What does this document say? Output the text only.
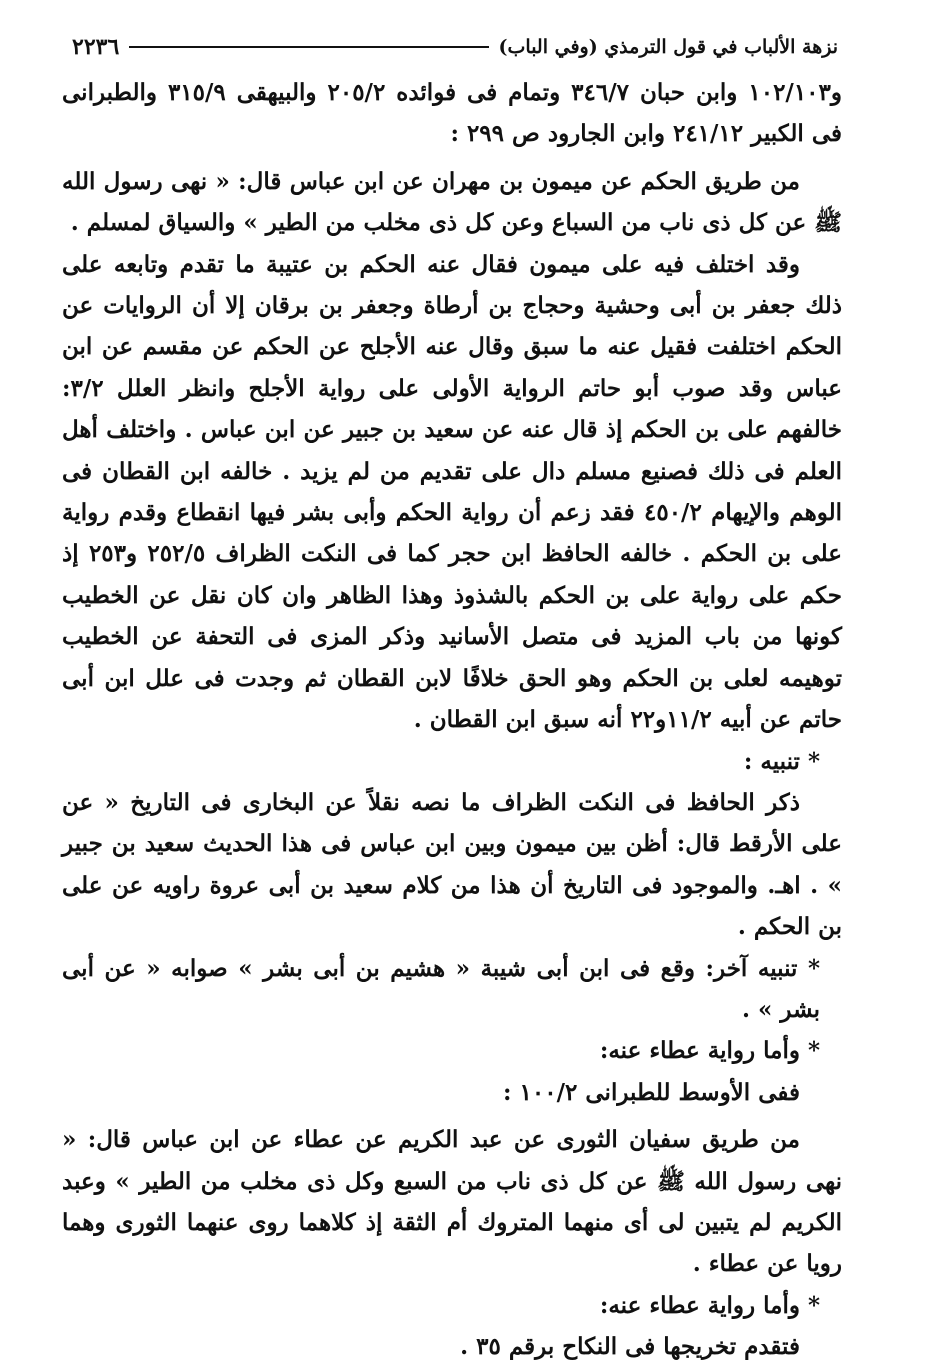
نزهة الألباب في قول الترمذي (وفي الباب)
٢٢٣٦

و١٠٢/١٠٣ وابن حبان ٣٤٦/٧ وتمام فى فوائده ٢٠٥/٢ والبيهقى ٣١٥/٩ والطبرانى فى الكبير ٢٤١/١٢ وابن الجارود ص ٢٩٩ :

من طريق الحكم عن ميمون بن مهران عن ابن عباس قال: « نهى رسول الله ﷺ عن كل ذى ناب من السباع وعن كل ذى مخلب من الطير » والسياق لمسلم .

وقد اختلف فيه على ميمون فقال عنه الحكم بن عتيبة ما تقدم وتابعه على ذلك جعفر بن أبى وحشية وحجاج بن أرطاة وجعفر بن برقان إلا أن الروايات عن الحكم اختلفت فقيل عنه ما سبق وقال عنه الأجلح عن الحكم عن مقسم عن ابن عباس وقد صوب أبو حاتم الرواية الأولى على رواية الأجلح وانظر العلل ٣/٢: خالفهم على بن الحكم إذ قال عنه عن سعيد بن جبير عن ابن عباس . واختلف أهل العلم فى ذلك فصنيع مسلم دال على تقديم من لم يزيد . خالفه ابن القطان فى الوهم والإيهام ٤٥٠/٢ فقد زعم أن رواية الحكم وأبى بشر فيها انقطاع وقدم رواية على بن الحكم . خالفه الحافظ ابن حجر كما فى النكت الظراف ٢٥٢/٥ و٢٥٣ إذ حكم على رواية على بن الحكم بالشذوذ وهذا الظاهر وان كان نقل عن الخطيب كونها من باب المزيد فى متصل الأسانيد وذكر المزى فى التحفة عن الخطيب توهيمه لعلى بن الحكم وهو الحق خلافًا لابن القطان ثم وجدت فى علل ابن أبى حاتم عن أبيه ١١/٢و٢٢ أنه سبق ابن القطان .

* تنبيه :

ذكر الحافظ فى النكت الظراف ما نصه نقلاً عن البخارى فى التاريخ « عن على الأرقط قال: أظن بين ميمون وبين ابن عباس فى هذا الحديث سعيد بن جبير » . اهـ. والموجود فى التاريخ أن هذا من كلام سعيد بن أبى عروة راويه عن على بن الحكم .

* تنبيه آخر: وقع فى ابن أبى شيبة « هشيم بن أبى بشر » صوابه « عن أبى بشر » .

* وأما رواية عطاء عنه:

ففى الأوسط للطبرانى ١٠٠/٢ :

من طريق سفيان الثورى عن عبد الكريم عن عطاء عن ابن عباس قال: « نهى رسول الله ﷺ عن كل ذى ناب من السبع وكل ذى مخلب من الطير » وعبد الكريم لم يتبين لى أى منهما المتروك أم الثقة إذ كلاهما روى عنهما الثورى وهما رويا عن عطاء .

* وأما رواية عطاء عنه:

فتقدم تخريجها فى النكاح برقم ٣٥ .
